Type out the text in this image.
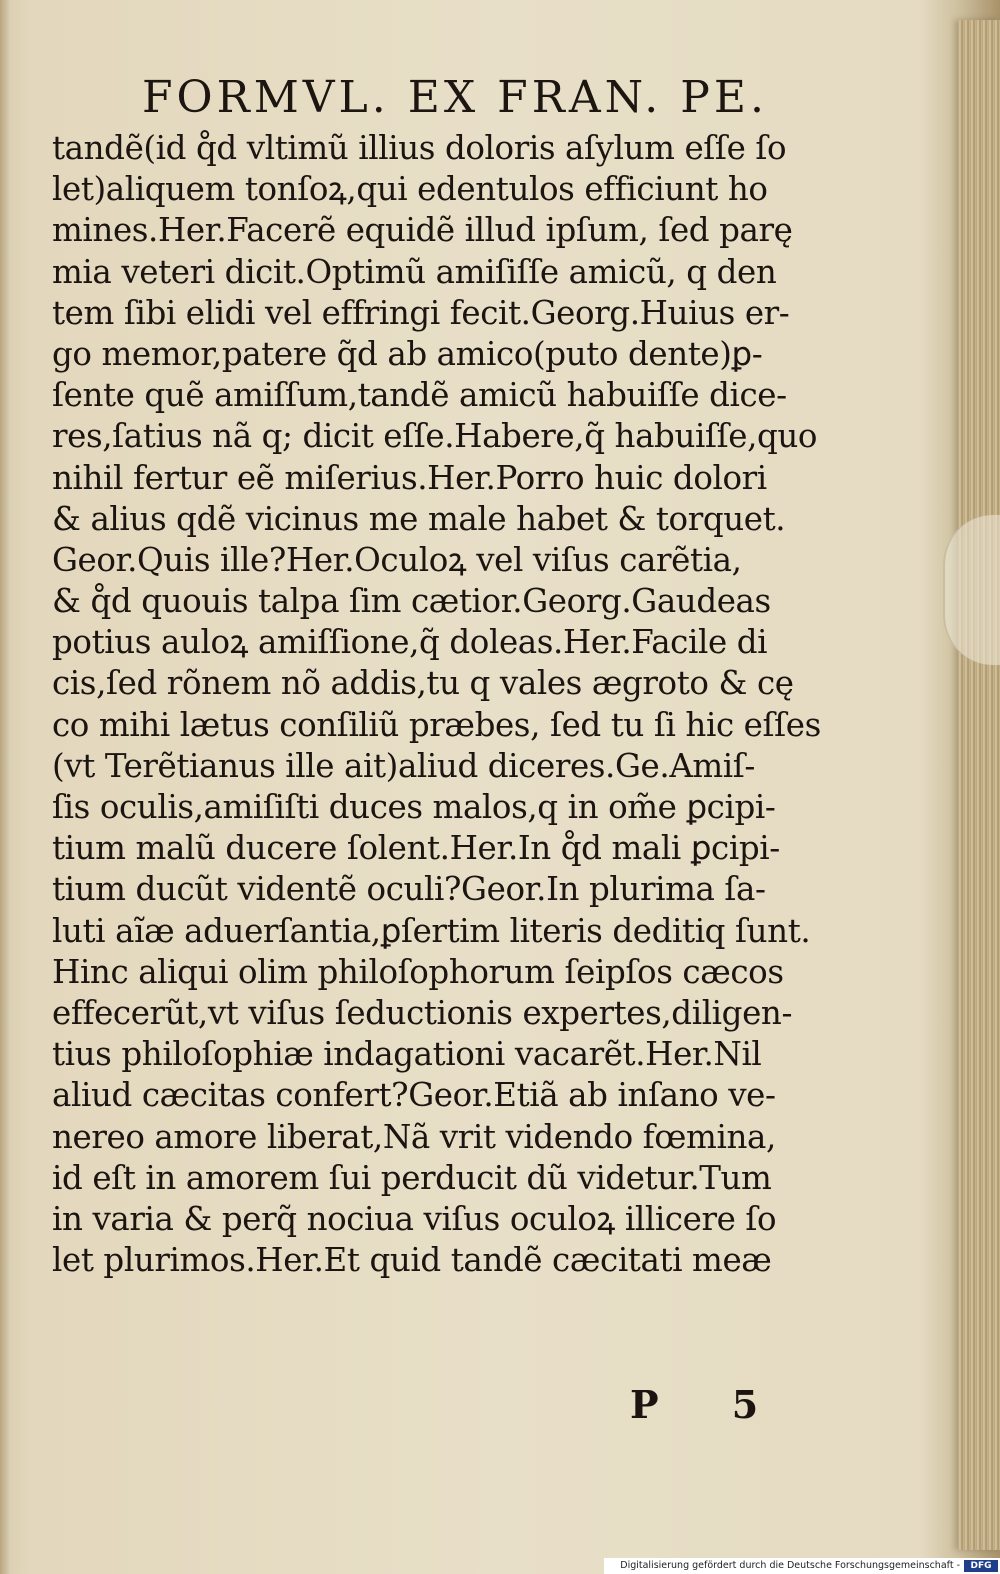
FORMVL. EX FRAN. PE.
tandẽ(id q̊d vltimũ illius doloris aſylum eſſe ſo
let)aliquem tonſoꝝ,qui edentulos efficiunt ho
mines.Her.Facerẽ equidẽ illud ipſum, ſed parę
mia veteri dicit.Optimũ amiſiſſe amicũ, q den
tem ſibi elidi vel effringi fecit.Georg.Huius er-
go memor,patere q̃d ab amico(puto dente)ꝑ-
ſente quẽ amiſſum,tandẽ amicũ habuiſſe dice-
res,ſatius nã q; dicit eſſe.Habere,q̃ habuiſſe,quo
nihil fertur eẽ miſerius.Her.Porro huic dolori
& alius qdẽ vicinus me male habet & torquet.
Geor.Quis ille?Her.Oculoꝝ vel viſus carẽtia,
& q̊d quouis talpa ſim cætior.Georg.Gaudeas
potius auloꝝ amiſſione,q̃ doleas.Her.Facile di
cis,ſed rõnem nõ addis,tu q vales ægroto & cę
co mihi lætus conſiliũ præbes, ſed tu ſi hic eſſes
(vt Terẽtianus ille ait)aliud diceres.Ge.Amiſ-
ſis oculis,amiſiſti duces malos,q in om̃e ꝑcipi-
tium malũ ducere ſolent.Her.In q̊d mali ꝑcipi-
tium ducũt videntẽ oculi?Geor.In plurima ſa-
luti aĩæ aduerſantia,ꝑſertim literis deditiq ſunt.
Hinc aliqui olim philoſophorum ſeipſos cæcos
effecerũt,vt viſus ſeductionis expertes,diligen-
tius philoſophiæ indagationi vacarẽt.Her.Nil
aliud cæcitas confert?Geor.Etiã ab inſano ve-
nereo amore liberat,Nã vrit videndo fœmina,
id eſt in amorem ſui perducit dũ videtur.Tum
in varia & perq̃ nociua viſus oculoꝝ illicere ſo
let plurimos.Her.Et quid tandẽ cæcitati meæ
P 5
Digitalisierung gefördert durch die Deutsche Forschungsgemeinschaft -	DFG
